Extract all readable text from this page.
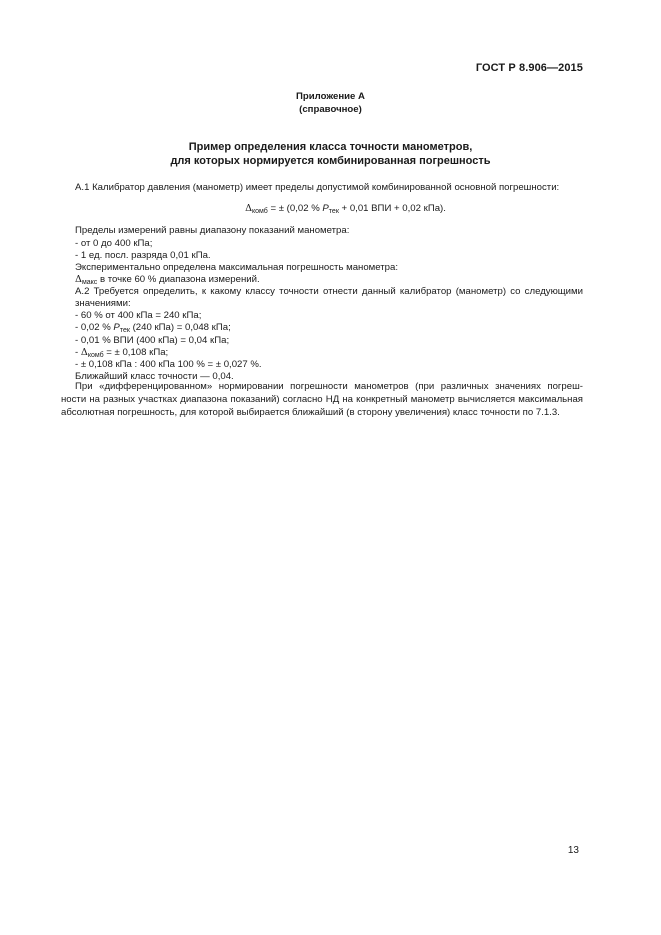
ГОСТ Р 8.906—2015
Приложение А
(справочное)
Пример определения класса точности манометров,
для которых нормируется комбинированная погрешность
А.1 Калибратор давления (манометр) имеет пределы допустимой комбинированной основной погрешности:
$\Delta_{комб}$ = ± (0,02 % $P_{тек} + 0,01$ ВПИ + 0,02 кПа).
Пределы измерений равны диапазону показаний манометра:
- от 0 до 400 кПа;
- 1 ед. посл. разряда 0,01 кПа.
Экспериментально определена максимальная погрешность манометра:
$\Delta_{макс}$ в точке 60 % диапазона измерений.
А.2 Требуется определить, к какому классу точности отнести данный калибратор (манометр) со следующими
значениями:
- 60 % от 400 кПа = 240 кПа;
- 0,02 % $P_{тек}$ (240 кПа) = 0,048 кПа;
- 0,01 % ВПИ (400 кПа) = 0,04 кПа;
- $\Delta_{комб}$ = ± 0,108 кПа;
- ± 0,108 кПа : 400 кПа 100 % = ± 0,027 %.
Ближайший класс точности — 0,04.
При «дифференцированном» нормировании погрешности манометров (при различных значениях погреш-
ности на разных участках диапазона показаний) согласно НД на конкретный манометр вычисляется максимальная
абсолютная погрешность, для которой выбирается ближайший (в сторону увеличения) класс точности по 7.1.3.
13
